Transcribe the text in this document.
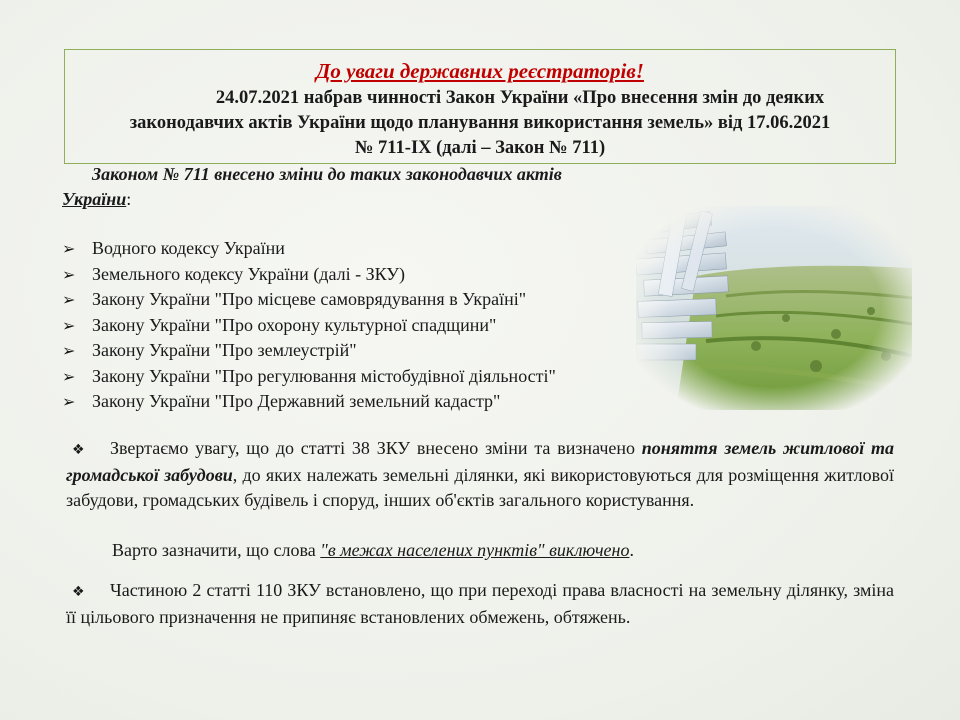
До уваги державних реєстраторів!
24.07.2021 набрав чинності Закон України «Про внесення змін до деяких
законодавчих актів України щодо планування використання земель» від 17.06.2021
№ 711-IX (далі – Закон № 711)
Законом № 711 внесено зміни до таких законодавчих актів
України:
➢ Водного кодексу України
➢ Земельного кодексу України (далі - ЗКУ)
➢ Закону України "Про місцеве самоврядування в Україні"
➢ Закону України "Про охорону культурної спадщини"
➢ Закону України "Про землеустрій"
➢ Закону України "Про регулювання містобудівної діяльності"
➢ Закону України "Про Державний земельний кадастр"
❖ Звертаємо увагу, що до статті 38 ЗКУ внесено зміни та визначено поняття земель житлової та громадської забудови, до яких належать земельні ділянки, які використовуються для розміщення житлової забудови, громадських будівель і споруд, інших об'єктів загального користування.
Варто зазначити, що слова "в межах населених пунктів" виключено.
❖ Частиною 2 статті 110 ЗКУ встановлено, що при переході права власності на земельну ділянку, зміна її цільового призначення не припиняє встановлених обмежень, обтяжень.
